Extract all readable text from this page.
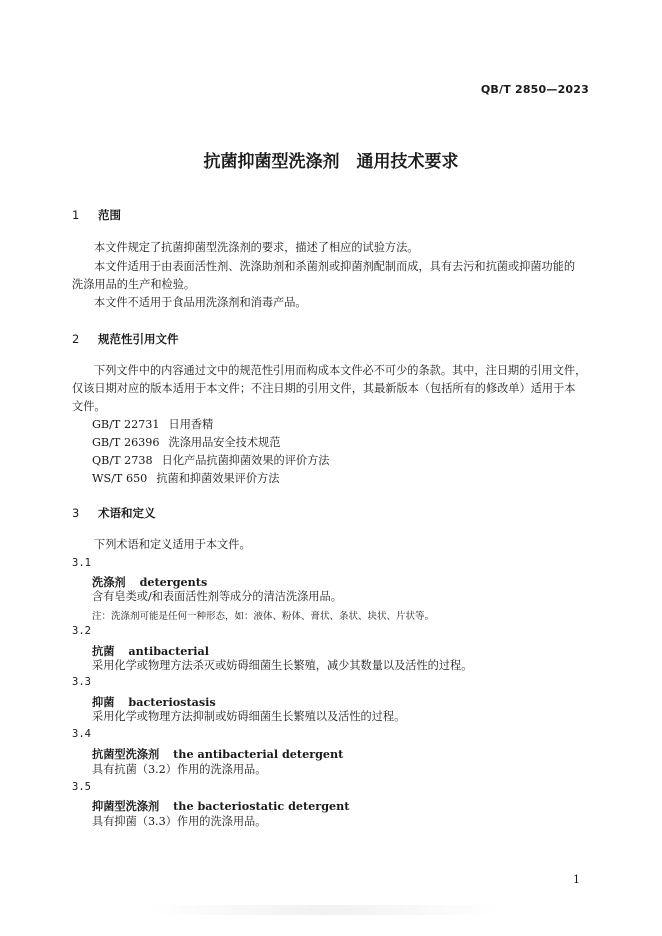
QB/T 2850—2023
抗菌抑菌型洗涤剂　通用技术要求
1 范围
本文件规定了抗菌抑菌型洗涤剂的要求，描述了相应的试验方法。
本文件适用于由表面活性剂、洗涤助剂和杀菌剂或抑菌剂配制而成，具有去污和抗菌或抑菌功能的
洗涤用品的生产和检验。
本文件不适用于食品用洗涤剂和消毒产品。
2 规范性引用文件
下列文件中的内容通过文中的规范性引用而构成本文件必不可少的条款。其中，注日期的引用文件，
仅该日期对应的版本适用于本文件；不注日期的引用文件，其最新版本（包括所有的修改单）适用于本
文件。
GB/T 22731 日用香精
GB/T 26396 洗涤用品安全技术规范
QB/T 2738 日化产品抗菌抑菌效果的评价方法
WS/T 650 抗菌和抑菌效果评价方法
3 术语和定义
下列术语和定义适用于本文件。
3.1
洗涤剂 detergents
含有皂类或/和表面活性剂等成分的清洁洗涤用品。
注：洗涤剂可能是任何一种形态，如：液体、粉体、膏状、条状、块状、片状等。
3.2
抗菌 antibacterial
采用化学或物理方法杀灭或妨碍细菌生长繁殖，减少其数量以及活性的过程。
3.3
抑菌 bacteriostasis
采用化学或物理方法抑制或妨碍细菌生长繁殖以及活性的过程。
3.4
抗菌型洗涤剂 the antibacterial detergent
具有抗菌（3.2）作用的洗涤用品。
3.5
抑菌型洗涤剂 the bacteriostatic detergent
具有抑菌（3.3）作用的洗涤用品。
1
